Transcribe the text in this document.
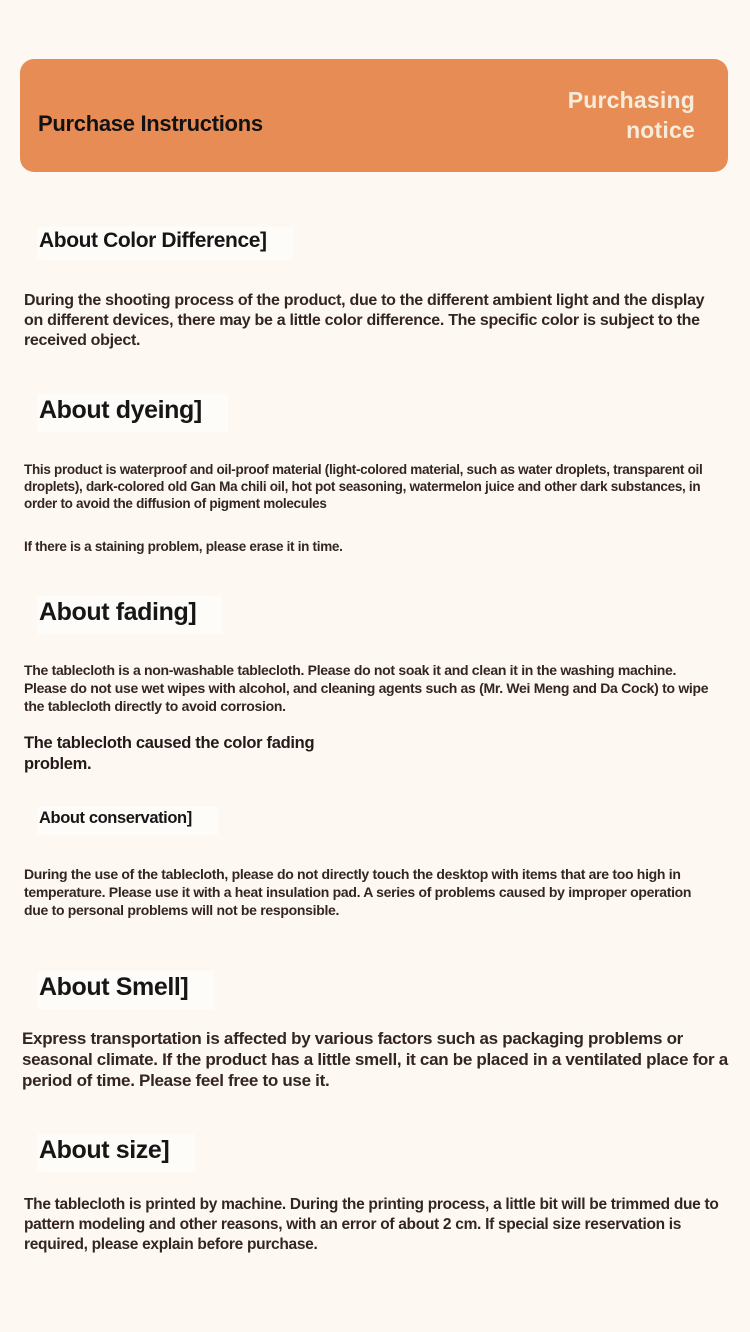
Purchase Instructions
Purchasing
notice
About Color Difference]
During the shooting process of the product, due to the different ambient light and the display on different devices, there may be a little color difference. The specific color is subject to the received object.
About dyeing]
This product is waterproof and oil-proof material (light-colored material, such as water droplets, transparent oil droplets), dark-colored old Gan Ma chili oil, hot pot seasoning, watermelon juice and other dark substances, in order to avoid the diffusion of pigment molecules
If there is a staining problem, please erase it in time.
About fading]
The tablecloth is a non-washable tablecloth. Please do not soak it and clean it in the washing machine. Please do not use wet wipes with alcohol, and cleaning agents such as (Mr. Wei Meng and Da Cock) to wipe the tablecloth directly to avoid corrosion.
The tablecloth caused the color fading problem.
About conservation]
During the use of the tablecloth, please do not directly touch the desktop with items that are too high in temperature. Please use it with a heat insulation pad. A series of problems caused by improper operation due to personal problems will not be responsible.
About Smell]
Express transportation is affected by various factors such as packaging problems or seasonal climate. If the product has a little smell, it can be placed in a ventilated place for a period of time. Please feel free to use it.
About size]
The tablecloth is printed by machine. During the printing process, a little bit will be trimmed due to pattern modeling and other reasons, with an error of about 2 cm. If special size reservation is required, please explain before purchase.
